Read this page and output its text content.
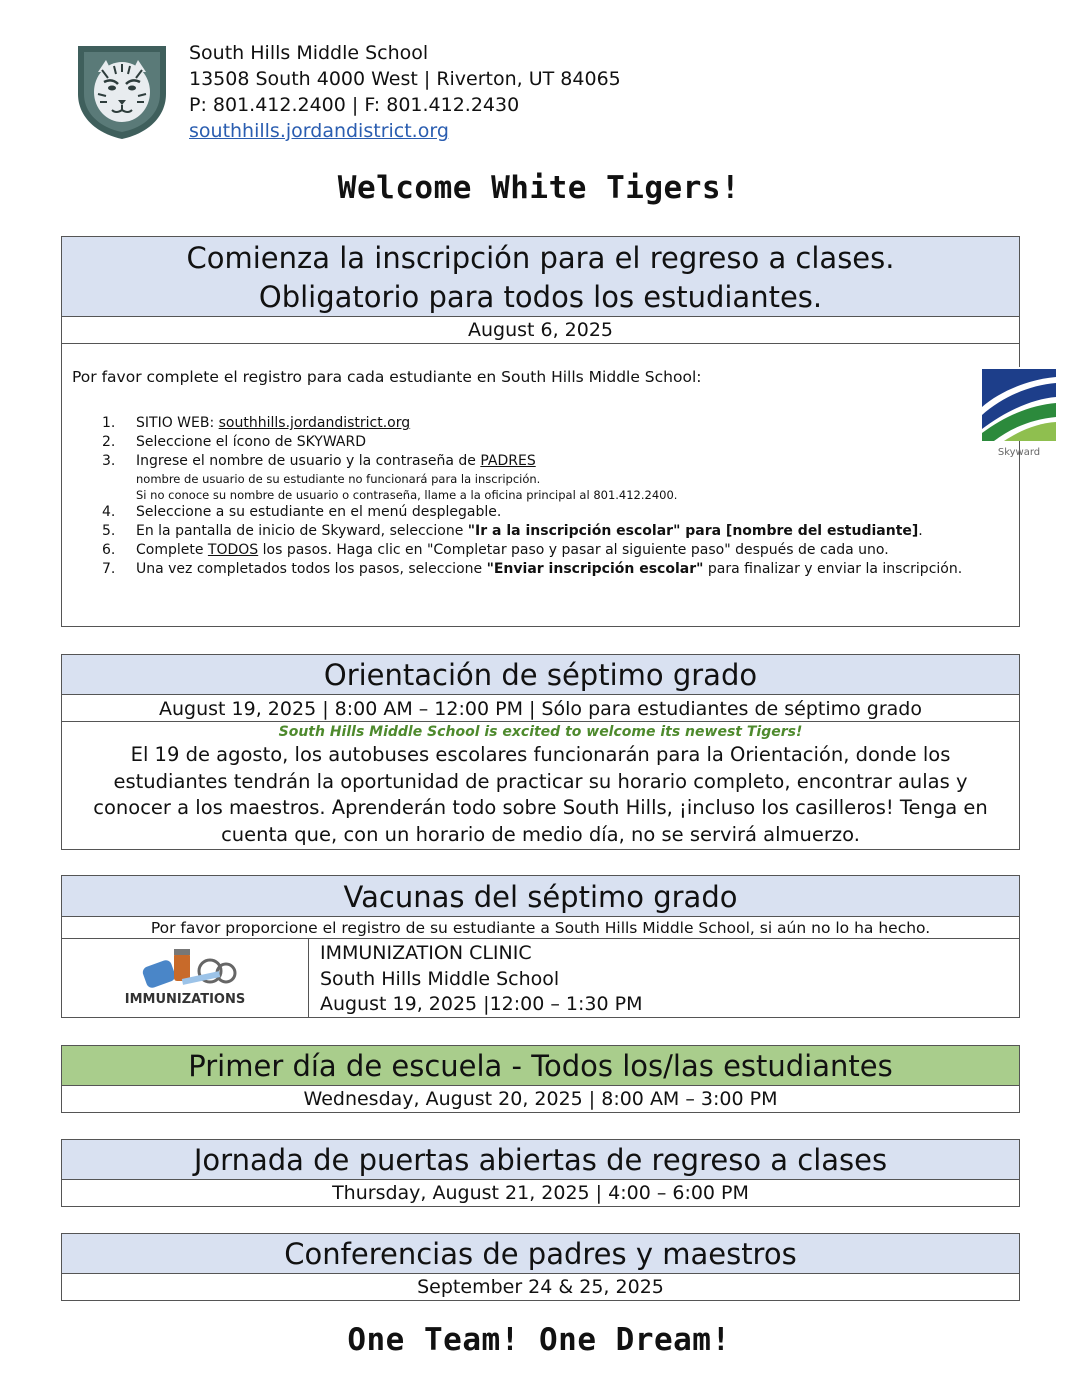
South Hills Middle School
13508 South 4000 West | Riverton, UT 84065
P: 801.412.2400 | F: 801.412.2430
southhills.jordandistrict.org
Welcome White Tigers!
Comienza la inscripción para el regreso a clases.
Obligatorio para todos los estudiantes.
August 6, 2025
Por favor complete el registro para cada estudiante en South Hills Middle School:
Skyward
1. SITIO WEB: southhills.jordandistrict.org
2. Seleccione el ícono de SKYWARD
3. Ingrese el nombre de usuario y la contraseña de PADRES
nombre de usuario de su estudiante no funcionará para la inscripción.
Si no conoce su nombre de usuario o contraseña, llame a la oficina principal al 801.412.2400.
4. Seleccione a su estudiante en el menú desplegable.
5. En la pantalla de inicio de Skyward, seleccione "Ir a la inscripción escolar" para [nombre del estudiante].
6. Complete TODOS los pasos. Haga clic en "Completar paso y pasar al siguiente paso" después de cada uno.
7. Una vez completados todos los pasos, seleccione "Enviar inscripción escolar" para finalizar y enviar la inscripción.
Orientación de séptimo grado
August 19, 2025 | 8:00 AM – 12:00 PM | Sólo para estudiantes de séptimo grado
South Hills Middle School is excited to welcome its newest Tigers!
El 19 de agosto, los autobuses escolares funcionarán para la Orientación, donde los estudiantes tendrán la oportunidad de practicar su horario completo, encontrar aulas y conocer a los maestros. Aprenderán todo sobre South Hills, ¡incluso los casilleros! Tenga en cuenta que, con un horario de medio día, no se servirá almuerzo.
Vacunas del séptimo grado
Por favor proporcione el registro de su estudiante a South Hills Middle School, si aún no lo ha hecho.
IMMUNIZATIONS
IMMUNIZATION CLINIC
South Hills Middle School
August 19, 2025 |12:00 – 1:30 PM
Primer día de escuela - Todos los/las estudiantes
Wednesday, August 20, 2025 | 8:00 AM – 3:00 PM
Jornada de puertas abiertas de regreso a clases
Thursday, August 21, 2025 | 4:00 – 6:00 PM
Conferencias de padres y maestros
September 24 & 25, 2025
One Team! One Dream!
